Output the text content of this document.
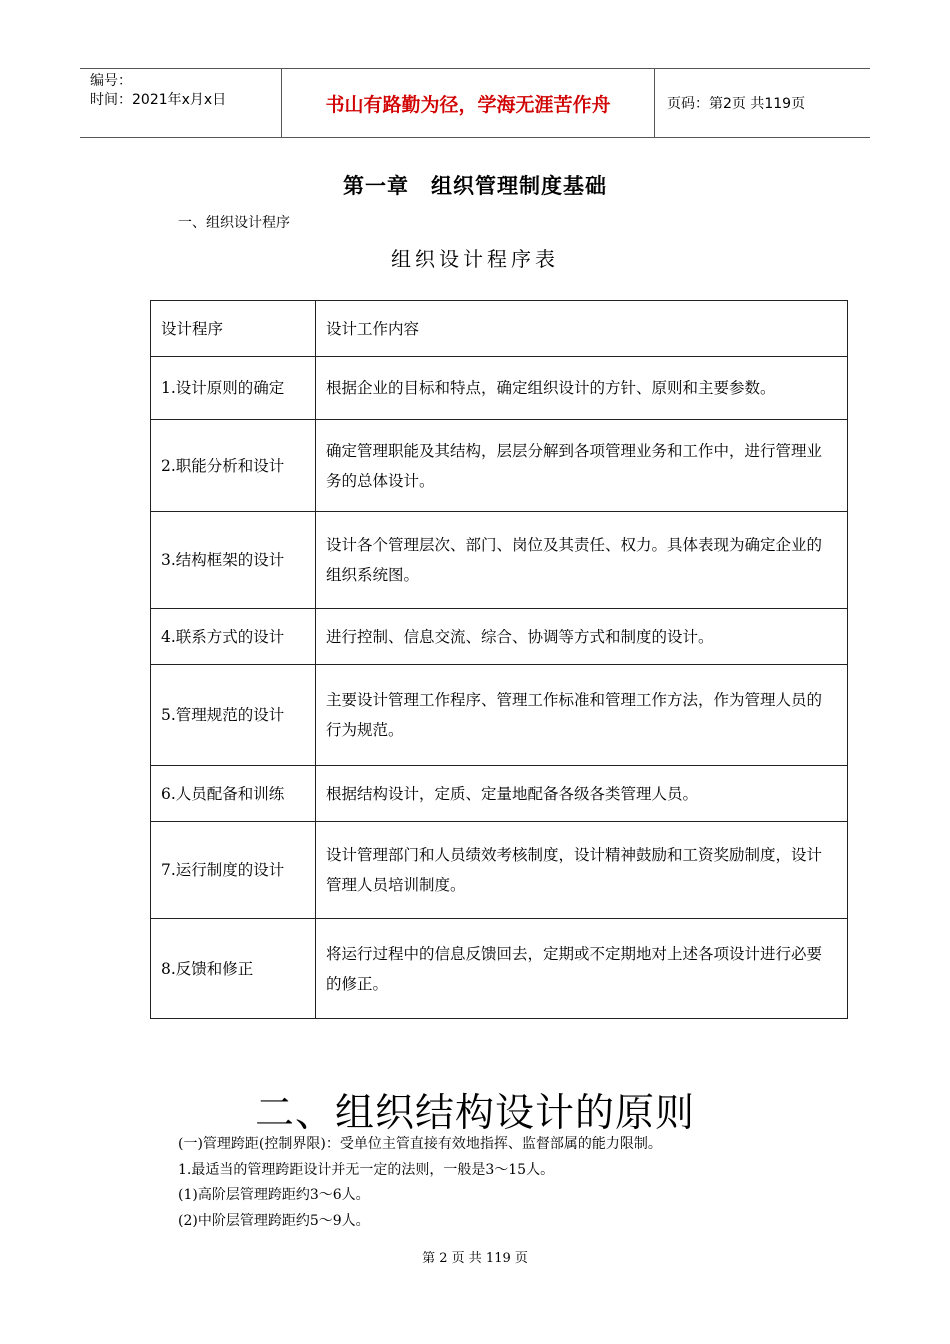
编号：
时间：2021年x月x日	书山有路勤为径，学海无涯苦作舟	页码：第2页 共119页
第一章　组织管理制度基础
一、组织设计程序
组织设计程序表
设计程序	设计工作内容
1.设计原则的确定	根据企业的目标和特点，确定组织设计的方针、原则和主要参数。
2.职能分析和设计	确定管理职能及其结构，层层分解到各项管理业务和工作中，进行管理业务的总体设计。
3.结构框架的设计	设计各个管理层次、部门、岗位及其责任、权力。具体表现为确定企业的组织系统图。
4.联系方式的设计	进行控制、信息交流、综合、协调等方式和制度的设计。
5.管理规范的设计	主要设计管理工作程序、管理工作标准和管理工作方法，作为管理人员的行为规范。
6.人员配备和训练	根据结构设计，定质、定量地配备各级各类管理人员。
7.运行制度的设计	设计管理部门和人员绩效考核制度，设计精神鼓励和工资奖励制度，设计管理人员培训制度。
8.反馈和修正	将运行过程中的信息反馈回去，定期或不定期地对上述各项设计进行必要的修正。
二、组织结构设计的原则
(一)管理跨距(控制界限)：受单位主管直接有效地指挥、监督部属的能力限制。
1.最适当的管理跨距设计并无一定的法则，一般是3～15人。
(1)高阶层管理跨距约3～6人。
(2)中阶层管理跨距约5～9人。
第 2 页 共 119 页
